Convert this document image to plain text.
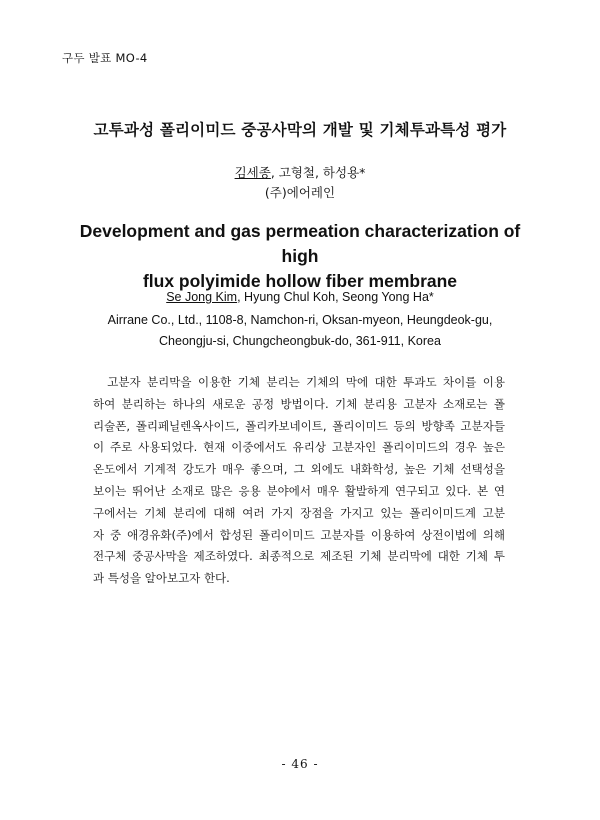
구두 발표 MO-4
고투과성 폴리이미드 중공사막의 개발 및 기체투과특성 평가
김세종, 고형철, 하성용*
(주)에어레인
Development and gas permeation characterization of high
flux polyimide hollow fiber membrane
Se Jong Kim, Hyung Chul Koh, Seong Yong Ha*
Airrane Co., Ltd., 1108-8, Namchon-ri, Oksan-myeon, Heungdeok-gu,
Cheongju-si, Chungcheongbuk-do, 361-911, Korea
　고분자 분리막을 이용한 기체 분리는 기체의 막에 대한 투과도 차이를 이용
하여 분리하는 하나의 새로운 공정 방법이다. 기체 분리용 고분자 소재로는 폴
리술폰, 폴리페닐렌옥사이드, 폴리카보네이트, 폴리이미드 등의 방향족 고분자들
이 주로 사용되었다. 현재 이중에서도 유리상 고분자인 폴리이미드의 경우 높은
온도에서 기계적 강도가 매우 좋으며, 그 외에도 내화학성, 높은 기체 선택성을
보이는 뛰어난 소재로 많은 응용 분야에서 매우 활발하게 연구되고 있다. 본 연
구에서는 기체 분리에 대해 여러 가지 장점을 가지고 있는 폴리이미드계 고분
자 중 애경유화(주)에서 합성된 폴리이미드 고분자를 이용하여 상전이법에 의해
전구체 중공사막을 제조하였다. 최종적으로 제조된 기체 분리막에 대한 기체 투
과 특성을 알아보고자 한다.
- 46 -
